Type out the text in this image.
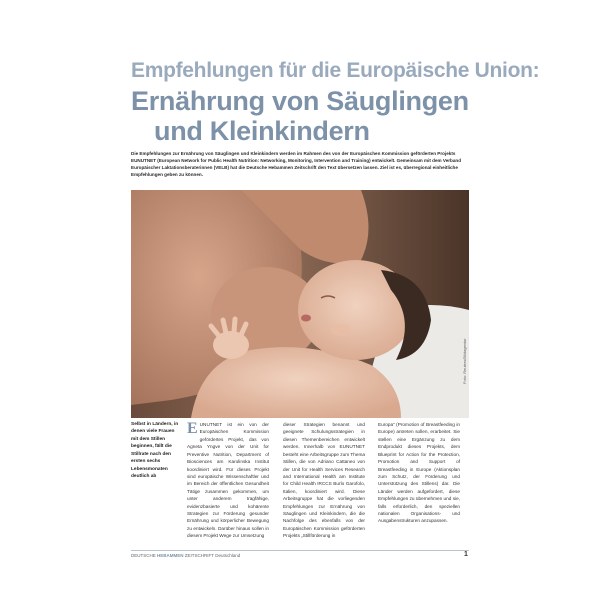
Empfehlungen für die Europäische Union:
Ernährung von Säuglingen
und Kleinkindern
Die Empfehlungen zur Ernährung von Säuglingen und Kleinkindern werden im Rahmen des von der Europäischen Kommission geförderten Projekts EUNUTNET (European Network for Public Health Nutrition: Networking, Monitoring, Intervention and Training) entwickelt. Gemeinsam mit dem Verband Europäischer Laktationsberaterinnen (VELB) hat die Deutsche Hebammen Zeitschrift den Text übersetzen lassen. Ziel ist es, überregional einheitliche Empfehlungen geben zu können.
Foto: Reuters/Bildagentur
Selbst in Ländern, in denen viele Frauen mit dem Stillen beginnen, fällt die Stillrate nach den ersten sechs Lebensmonaten deutlich ab
EUNUTNET ist ein von der Europäischen Kommission gefördertes Projekt, das von Agneta Yngve von der Unit for Preventive Nutrition, Department of Biosciences am Karolinska Institut koordiniert wird. Für dieses Projekt sind europäische Wissenschaftler und im Bereich der öffentlichen Gesundheit Tätige zusammen gekommen, um unter anderem tragfähige, evidenzbasierte und kohärente Strategien zur Förderung gesunder Ernährung und körperlicher Bewegung zu entwickeln. Darüber hinaus sollen in diesem Projekt Wege zur Umsetzung
dieser Strategien benannt und geeignete Schulungsstrategien in diesen Themenbereichen entwickelt werden. Innerhalb von EUNUTNET besteht eine Arbeitsgruppe zum Thema Stillen, die von Adriano Cattaneo von der Unit for Health Services Research and International Health am Institute for Child Health IRCCS Burlo Garofolo, Italien, koordiniert wird. Diese Arbeitsgruppe hat die vorliegenden Empfehlungen zur Ernährung von Säuglingen und Kleinkindern, die die Nachfolge des ebenfalls von der Europäischen Kommission geförderten Projekts „Stillförderung in
Europa“ (Promotion of Breastfeeding in Europe) antreten sollen, erarbeitet. Sie stellen eine Ergänzung zu dem Endprodukt dieses Projekts, dem Blueprint for Action for the Protection, Promotion and Support of Breastfeeding in Europe (Aktionsplan zum Schutz, der Förderung und Unterstützung des Stillens) dar. Die Länder werden aufgefordert, diese Empfehlungen zu übernehmen und sie, falls erforderlich, den speziellen nationalen Organisations- und Ausgabenstrukturen anzupassen.
DEUTSCHE HEBAMMEN ZEITSCHRIFT Deutschland	1
